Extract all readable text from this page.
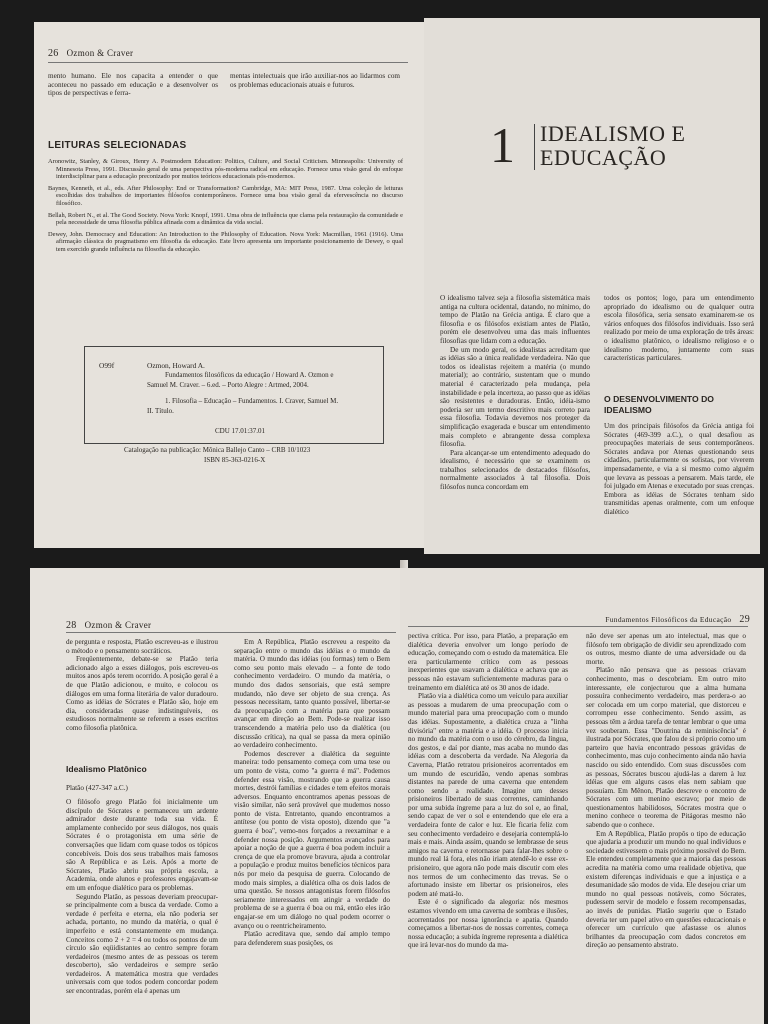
26 Ozmon & Craver
mento humano. Ele nos capacita a entender o que aconteceu no passado em educação e a desenvolver os tipos de perspectivas e ferra-
mentas intelectuais que irão auxiliar-nos ao lidarmos com os problemas educacionais atuais e futuros.
LEITURAS SELECIONADAS

Aronowitz, Stanley, & Giroux, Henry A. Postmodern Education: Politics, Culture, and Social Criticism. Minneapolis: University of Minnesota Press, 1991. Discussão geral de uma perspectiva pós-moderna radical em educação. Fornece uma visão geral do enfoque interdisciplinar para a educação preconizado por muitos teóricos educacionais pós-modernos.

Baynes, Kenneth, et al., eds. After Philosophy: End or Transformation? Cambridge, MA: MIT Press, 1987. Uma coleção de leituras escolhidas dos trabalhos de importantes filósofos contemporâneos. Fornece uma boa visão geral da efervescência no discurso filosófico.

Bellah, Robert N., et al. The Good Society. Nova York: Knopf, 1991. Uma obra de influência que clama pela restauração da comunidade e pela necessidade de uma filosofia pública afinada com a dinâmica da vida social.

Dewey, John. Democracy and Education: An Introduction to the Philosophy of Education. Nova York: Macmillan, 1961 (1916). Uma afirmação clássica do pragmatismo em filosofia da educação. Este livro apresenta um importante posicionamento de Dewey, o qual tem exercido grande influência na filosofia da educação.

O99f	Ozmon, Howard A.
Fundamentos filosóficos da educação / Howard A. Ozmon e
Samuel M. Craver. – 6.ed. – Porto Alegre : Artmed, 2004.
1. Filosofia – Educação – Fundamentos. I. Craver, Samuel M.
II. Título.
CDU 17.01:37.01
Catalogação na publicação: Mônica Ballejo Canto – CRB 10/1023
ISBN 85-363-0216-X
1 IDEALISMO E
EDUCAÇÃO

O idealismo talvez seja a filosofia sistemática mais antiga na cultura ocidental, datando, no mínimo, do tempo de Platão na Grécia antiga. É claro que a filosofia e os filósofos existiam antes de Platão, porém ele desenvolveu uma das mais influentes filosofias que lidam com a educação.

De um modo geral, os idealistas acreditam que as idéias são a única realidade verdadeira. Não que todos os idealistas rejeitem a matéria (o mundo material); ao contrário, sustentam que o mundo material é caracterizado pela mudança, pela instabilidade e pela incerteza, ao passo que as idéias são resistentes e duradouras. Então, idéia-ismo poderia ser um termo descritivo mais correto para essa filosofia. Todavia devemos nos proteger da simplificação exagerada e buscar um entendimento mais completo e abrangente dessa complexa filosofia.

Para alcançar-se um entendimento adequado do idealismo, é necessário que se examinem os trabalhos selecionados de destacados filósofos, normalmente associados à tal filosofia. Dois filósofos nunca concordam em

todos os pontos; logo, para um entendimento apropriado do idealismo ou de qualquer outra escola filosófica, seria sensato examinarem-se os vários enfoques dos filósofos individuais. Isso será realizado por meio de uma exploração de três áreas: o idealismo platônico, o idealismo religioso e o idealismo moderno, juntamente com suas características particulares.

O DESENVOLVIMENTO DO IDEALISMO
Um dos principais filósofos da Grécia antiga foi Sócrates (469-399 a.C.), o qual desafiou as preocupações materiais de seus contemporâneos. Sócrates andava por Atenas questionando seus cidadãos, particularmente os sofistas, por viverem impensadamente, e via a si mesmo como alguém que levava as pessoas a pensarem. Mais tarde, ele foi julgado em Atenas e executado por suas crenças. Embora as idéias de Sócrates tenham sido transmitidas apenas oralmente, com um enfoque dialético
28 Ozmon & Craver

de pergunta e resposta, Platão escreveu-as e ilustrou o método e o pensamento socráticos.

Freqüentemente, debate-se se Platão teria adicionado algo a esses diálogos, pois escreveu-os muitos anos após terem ocorrido. A posição geral é a de que Platão adicionou, e muito, e colocou os diálogos em uma forma literária de valor duradouro. Como as idéias de Sócrates e Platão são, hoje em dia, consideradas quase indistinguíveis, os estudiosos normalmente se referem a esses escritos como filosofia platônica.

Idealismo Platônico
Platão (427-347 a.C.)

O filósofo grego Platão foi inicialmente um discípulo de Sócrates e permaneceu um ardente admirador deste durante toda sua vida. É amplamente conhecido por seus diálogos, nos quais Sócrates é o protagonista em uma série de conversações que lidam com quase todos os tópicos concebíveis. Dois dos seus trabalhos mais famosos são A República e as Leis. Após a morte de Sócrates, Platão abriu sua própria escola, a Academia, onde alunos e professores engajavam-se em um enfoque dialético para os problemas.

Segundo Platão, as pessoas deveriam preocupar-se principalmente com a busca da verdade. Como a verdade é perfeita e eterna, ela não poderia ser achada, portanto, no mundo da matéria, o qual é imperfeito e está constantemente em mudança. Conceitos como 2 + 2 = 4 ou todos os pontos de um círculo são eqüidistantes ao centro sempre foram verdadeiros (mesmo antes de as pessoas os terem descoberto), são verdadeiros e sempre serão verdadeiros. A matemática mostra que verdades universais com que todos podem concordar podem ser encontradas, porém ela é apenas um

Em A República, Platão escreveu a respeito da separação entre o mundo das idéias e o mundo da matéria. O mundo das idéias (ou formas) tem o Bem como seu ponto mais elevado – a fonte de todo conhecimento verdadeiro. O mundo da matéria, o mundo dos dados sensoriais, que está sempre mudando, não deve ser objeto de sua crença. As pessoas necessitam, tanto quanto possível, libertar-se da preocupação com a matéria para que possam avançar em direção ao Bem. Pode-se realizar isso transcendendo a matéria pelo uso da dialética (ou discussão crítica), na qual se passa da mera opinião ao verdadeiro conhecimento.

Podemos descrever a dialética da seguinte maneira: todo pensamento começa com uma tese ou um ponto de vista, como "a guerra é má". Podemos defender essa visão, mostrando que a guerra causa mortes, destrói famílias e cidades e tem efeitos morais adversos. Enquanto encontramos apenas pessoas de visão similar, não será provável que mudemos nosso ponto de vista. Entretanto, quando encontramos a antítese (ou ponto de vista oposto), dizendo que "a guerra é boa", vemo-nos forçados a reexaminar e a defender nossa posição. Argumentos avançados para apoiar a noção de que a guerra é boa podem incluir a crença de que ela promove bravura, ajuda a controlar a população e produz muitos benefícios técnicos para nós por meio da pesquisa de guerra. Colocando de modo mais simples, a dialética olha os dois lados de uma questão. Se nossos antagonistas forem filósofos seriamente interessados em atingir a verdade do problema de se a guerra é boa ou má, então eles irão engajar-se em um diálogo no qual podem ocorrer o avanço ou o reentricheiramento.

Platão acreditava que, sendo daí amplo tempo para defenderem suas posições, os

Fundamentos Filosóficos da Educação 29

pectiva crítica. Por isso, para Platão, a preparação em dialética deveria envolver um longo período de educação, começando com o estudo da matemática. Ele era particularmente crítico com as pessoas inexperientes que usavam a dialética e achava que as pessoas não estavam suficientemente maduras para o treinamento em dialética até os 30 anos de idade.

Platão via a dialética como um veículo para auxiliar as pessoas a mudarem de uma preocupação com o mundo material para uma preocupação com o mundo das idéias. Supostamente, a dialética cruza a "linha divisória" entre a matéria e a idéia. O processo inicia no mundo da matéria com o uso do cérebro, da língua, dos gestos, e daí por diante, mas acaba no mundo das idéias com a descoberta da verdade. Na Alegoria da Caverna, Platão retratou prisioneiros acorrentados em um mundo de escuridão, vendo apenas sombras distantes na parede de uma caverna que entendem como sendo a realidade. Imagine um desses prisioneiros libertado de suas correntes, caminhando por uma subida íngreme para a luz do sol e, ao final, sendo capaz de ver o sol e entendendo que ele era a verdadeira fonte de calor e luz. Ele ficaria feliz com seu conhecimento verdadeiro e desejaria contemplá-lo mais e mais. Ainda assim, quando se lembrasse de seus amigos na caverna e retornasse para falar-lhes sobre o mundo real lá fora, eles não iriam atendê-lo e esse ex-prisioneiro, que agora não pode mais discutir com eles nos termos de um conhecimento das trevas. Se o afortunado insiste em libertar os prisioneiros, eles podem até matá-lo.

Este é o significado da alegoria: nós mesmos estamos vivendo em uma caverna de sombras e ilusões, acorrentados por nossa ignorância e apatia. Quando começamos a libertar-nos de nossas correntes, começa nossa educação; a subida íngreme representa a dialética que irá levar-nos do mundo da ma-

não deve ser apenas um ato intelectual, mas que o filósofo tem obrigação de dividir seu aprendizado com os outros, mesmo diante de uma adversidade ou da morte.

Platão não pensava que as pessoas criavam conhecimento, mas o descobriam. Em outro mito interessante, ele conjecturou que a alma humana possuíra conhecimento verdadeiro, mas perdera-o ao ser colocada em um corpo material, que distorceu e corrompeu esse conhecimento. Sendo assim, as pessoas têm a árdua tarefa de tentar lembrar o que uma vez souberam. Essa "Doutrina da reminiscência" é ilustrada por Sócrates, que falou de si próprio como um parteiro que havia encontrado pessoas grávidas de conhecimento, mas cujo conhecimento ainda não havia nascido ou sido entendido. Com suas discussões com as pessoas, Sócrates buscou ajudá-las a darem à luz idéias que em alguns casos elas nem sabiam que possuíam. Em Mênon, Platão descreve o encontro de Sócrates com um menino escravo; por meio de questionamentos habilidosos, Sócrates mostra que o menino conhece o teorema de Pitágoras mesmo não sabendo que o conhece.

Em A República, Platão propôs o tipo de educação que ajudaria a produzir um mundo no qual indivíduos e sociedade estivessem o mais próximo possível do Bem. Ele entendeu completamente que a maioria das pessoas acredita na matéria como uma realidade objetiva, que existem diferenças individuais e que a injustiça e a desumanidade são modos de vida. Ele desejou criar um mundo no qual pessoas notáveis, como Sócrates, pudessem servir de modelo e fossem recompensadas, ao invés de punidas. Platão sugeriu que o Estado deveria ter um papel ativo em questões educacionais e oferecer um currículo que afastasse os alunos brilhantes da preocupação com dados concretos em direção ao pensamento abstrato.
